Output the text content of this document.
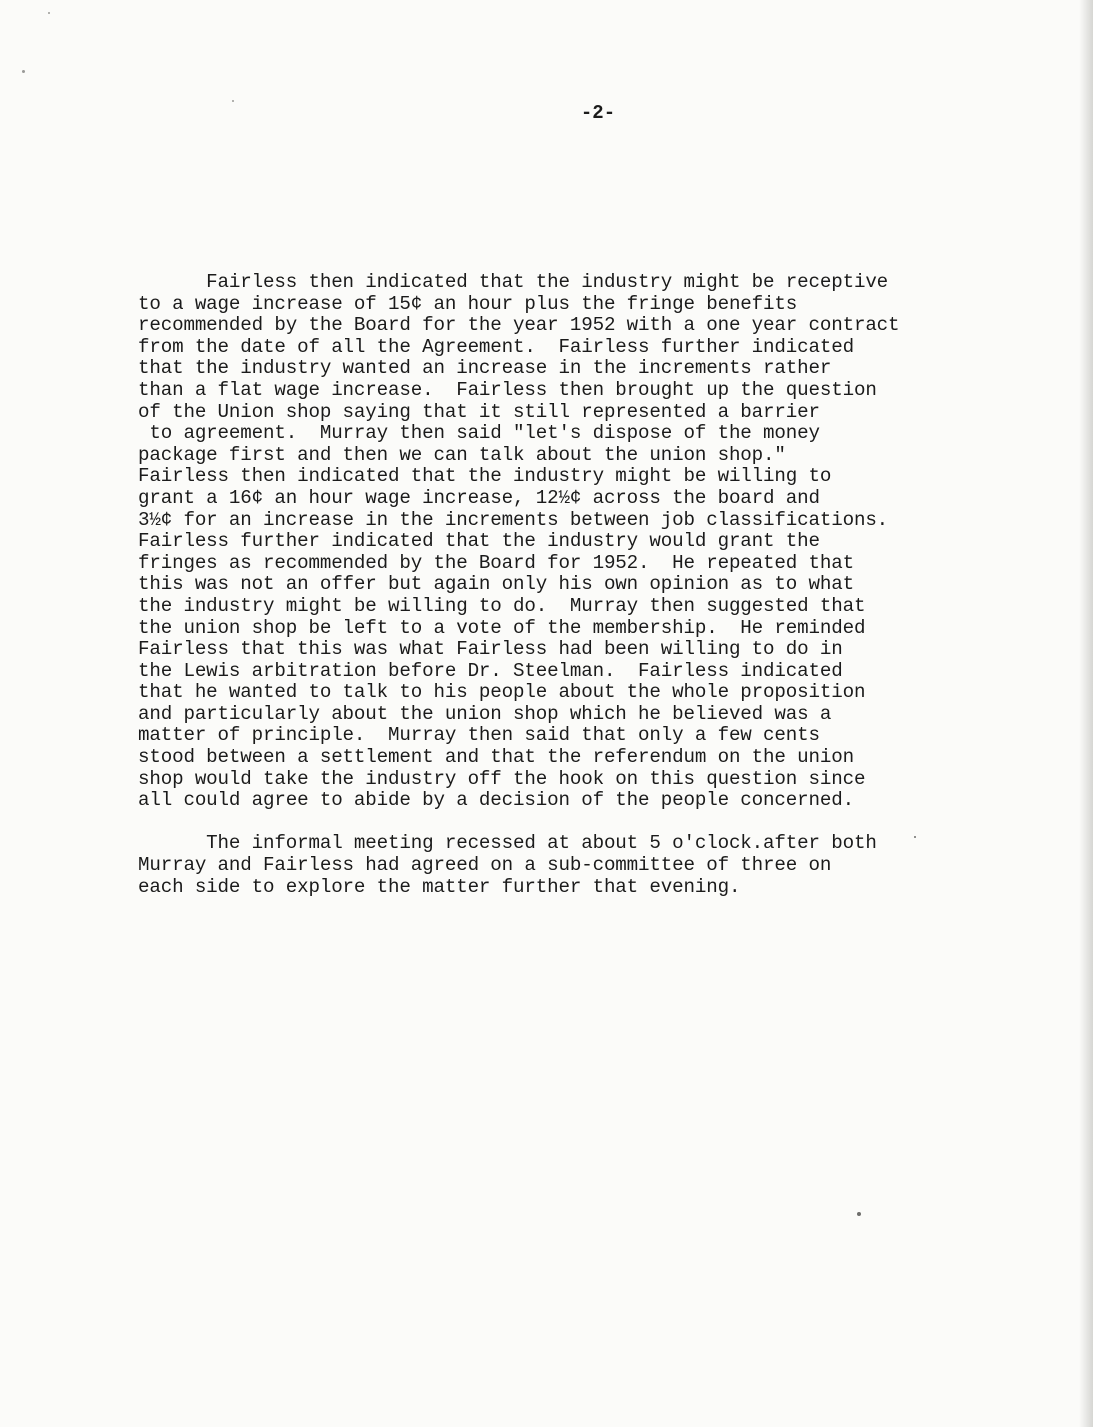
-2-
Fairless then indicated that the industry might be receptive
to a wage increase of 15¢ an hour plus the fringe benefits
recommended by the Board for the year 1952 with a one year contract
from the date of all the Agreement.  Fairless further indicated
that the industry wanted an increase in the increments rather
than a flat wage increase.  Fairless then brought up the question
of the Union shop saying that it still represented a barrier
to agreement.  Murray then said "let's dispose of the money
package first and then we can talk about the union shop."
Fairless then indicated that the industry might be willing to
grant a 16¢ an hour wage increase, 12½¢ across the board and
3½¢ for an increase in the increments between job classifications.
Fairless further indicated that the industry would grant the
fringes as recommended by the Board for 1952.  He repeated that
this was not an offer but again only his own opinion as to what
the industry might be willing to do.  Murray then suggested that
the union shop be left to a vote of the membership.  He reminded
Fairless that this was what Fairless had been willing to do in
the Lewis arbitration before Dr. Steelman.  Fairless indicated
that he wanted to talk to his people about the whole proposition
and particularly about the union shop which he believed was a
matter of principle.  Murray then said that only a few cents
stood between a settlement and that the referendum on the union
shop would take the industry off the hook on this question since
all could agree to abide by a decision of the people concerned.
The informal meeting recessed at about 5 o'clock.after both
Murray and Fairless had agreed on a sub-committee of three on
each side to explore the matter further that evening.
